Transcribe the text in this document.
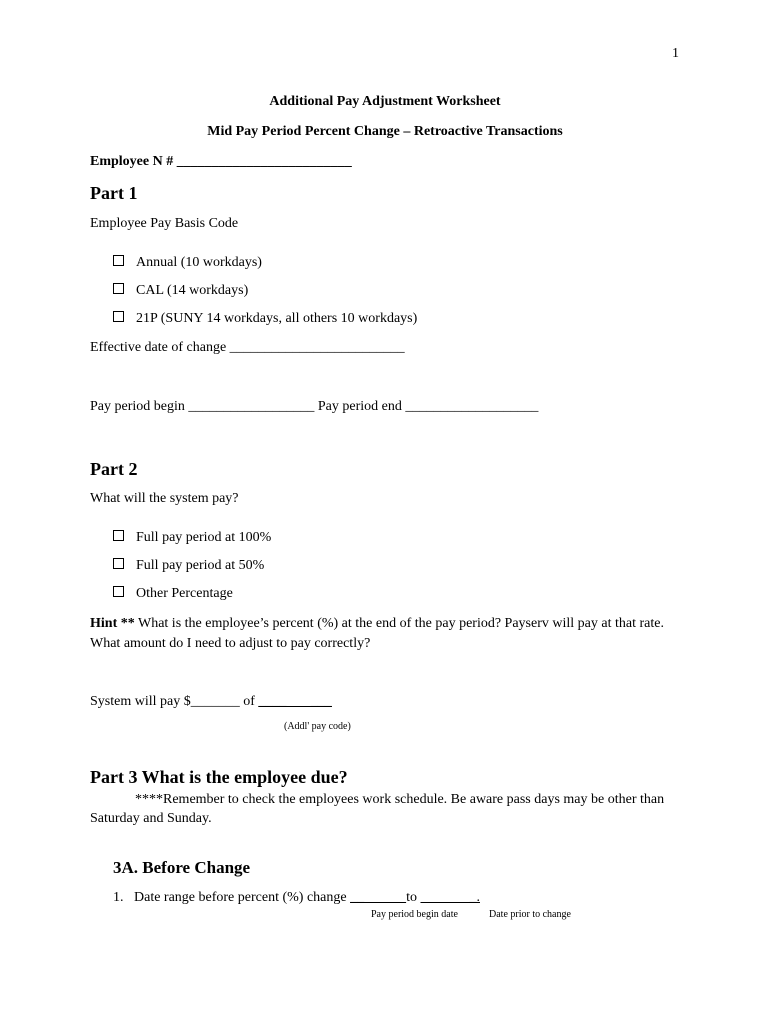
1
Additional Pay Adjustment Worksheet
Mid Pay Period Percent Change – Retroactive Transactions
Employee N # _________________________
Part 1
Employee Pay Basis Code
Annual (10 workdays)
CAL (14 workdays)
21P (SUNY 14 workdays, all others 10 workdays)
Effective date of change _________________________
Pay period begin __________________ Pay period end ___________________
Part 2
What will the system pay?
Full pay period at 100%
Full pay period at 50%
Other Percentage
Hint ** What is the employee’s percent (%) at the end of the pay period? Payserv will pay at that rate. What amount do I need to adjust to pay correctly?
System will pay $_______ of ____       ___
(Addl' pay code)
Part 3 What is the employee due?
****Remember to check the employees work schedule. Be aware pass days may be other than Saturday and Sunday.
3A. Before Change
1.   Date range before percent (%) change __            to               _.
Pay period begin date	Date prior to change
